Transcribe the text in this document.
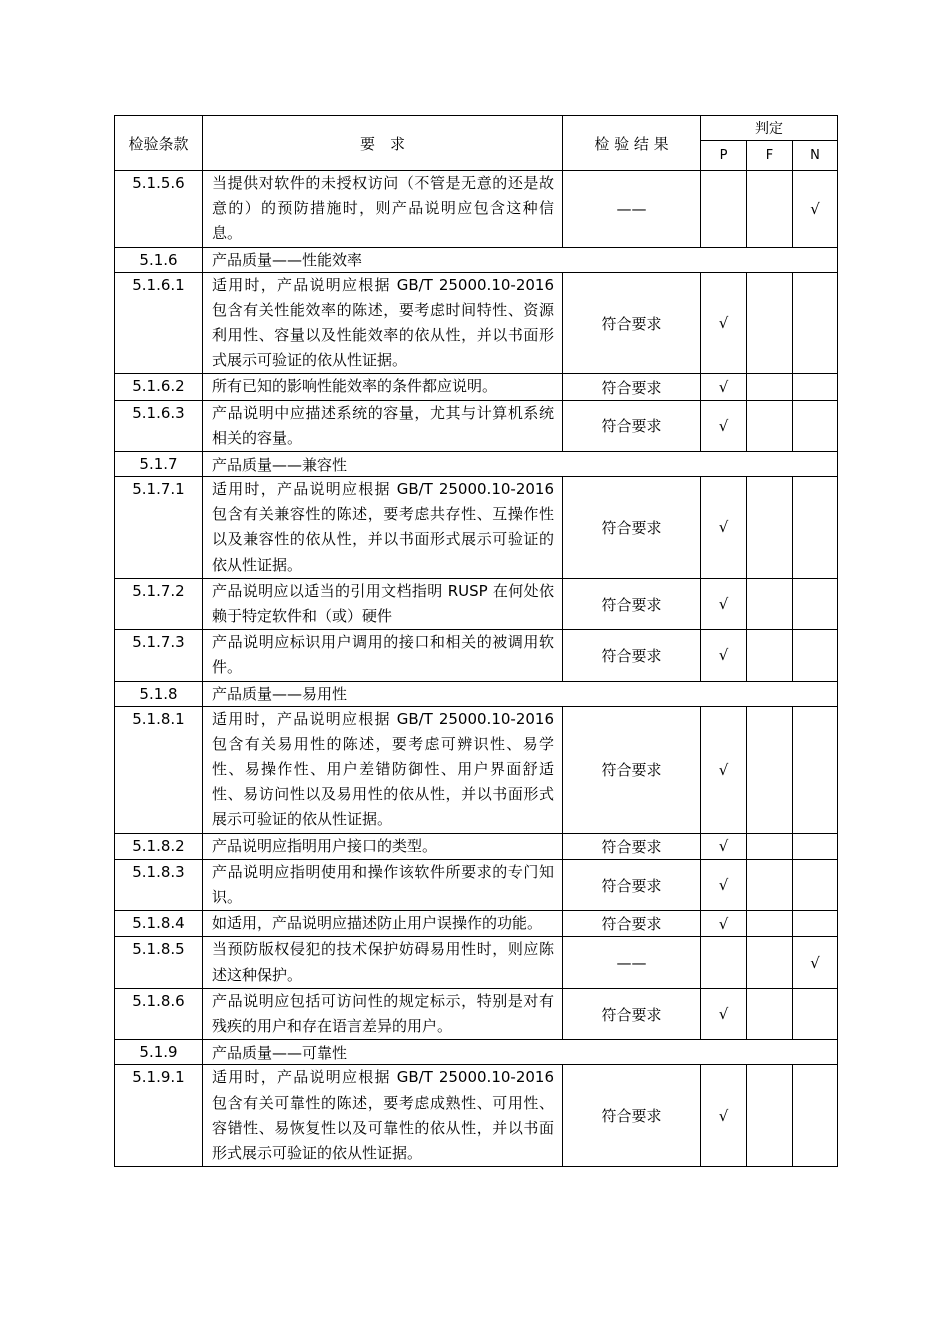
检验条款	要　求	检 验 结 果	判定		
			P	F	N
5.1.5.6	当提供对软件的未授权访问（不管是无意的还是故意的）的预防措施时，则产品说明应包含这种信息。	——			√
5.1.6	产品质量——性能效率				
5.1.6.1	适用时，产品说明应根据 GB/T 25000.10-2016 包含有关性能效率的陈述，要考虑时间特性、资源利用性、容量以及性能效率的依从性，并以书面形式展示可验证的依从性证据。	符合要求	√		
5.1.6.2	所有已知的影响性能效率的条件都应说明。	符合要求	√		
5.1.6.3	产品说明中应描述系统的容量，尤其与计算机系统相关的容量。	符合要求	√		
5.1.7	产品质量——兼容性				
5.1.7.1	适用时，产品说明应根据 GB/T 25000.10-2016 包含有关兼容性的陈述，要考虑共存性、互操作性以及兼容性的依从性，并以书面形式展示可验证的依从性证据。	符合要求	√		
5.1.7.2	产品说明应以适当的引用文档指明 RUSP 在何处依赖于特定软件和（或）硬件	符合要求	√		
5.1.7.3	产品说明应标识用户调用的接口和相关的被调用软件。	符合要求	√		
5.1.8	产品质量——易用性				
5.1.8.1	适用时，产品说明应根据 GB/T 25000.10-2016 包含有关易用性的陈述，要考虑可辨识性、易学性、易操作性、用户差错防御性、用户界面舒适性、易访问性以及易用性的依从性，并以书面形式展示可验证的依从性证据。	符合要求	√		
5.1.8.2	产品说明应指明用户接口的类型。	符合要求	√		
5.1.8.3	产品说明应指明使用和操作该软件所要求的专门知识。	符合要求	√		
5.1.8.4	如适用，产品说明应描述防止用户误操作的功能。	符合要求	√		
5.1.8.5	当预防版权侵犯的技术保护妨碍易用性时，则应陈述这种保护。	——			√
5.1.8.6	产品说明应包括可访问性的规定标示，特别是对有残疾的用户和存在语言差异的用户。	符合要求	√		
5.1.9	产品质量——可靠性				
5.1.9.1	适用时，产品说明应根据 GB/T 25000.10-2016 包含有关可靠性的陈述，要考虑成熟性、可用性、容错性、易恢复性以及可靠性的依从性，并以书面形式展示可验证的依从性证据。	符合要求	√		
